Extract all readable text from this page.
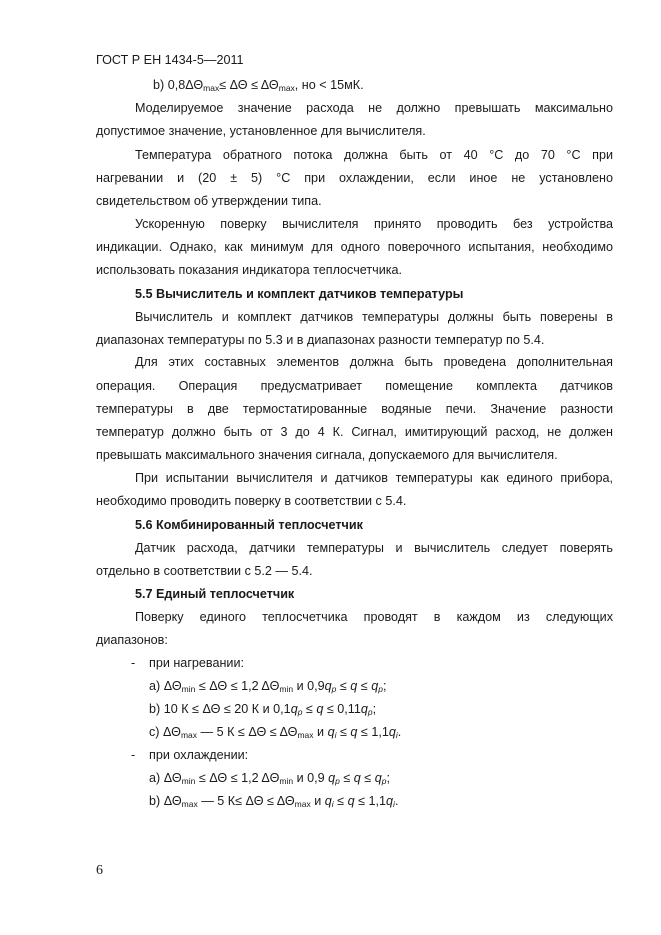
ГОСТ Р ЕН 1434-5—2011
b) $0,8\Delta\Theta_{max}\le \Delta\Theta \le \Delta\Theta_{max}$, но < 15мК.
Моделируемое значение расхода не должно превышать максимально
допустимое значение, установленное для вычислителя.
Температура обратного потока должна быть от 40 °С до 70 °С при
нагревании и (20 ± 5) °С при охлаждении, если иное не установлено
свидетельством об утверждении типа.
Ускоренную поверку вычислителя принято проводить без устройства
индикации. Однако, как минимум для одного поверочного испытания, необходимо
использовать показания индикатора теплосчетчика.
5.5 Вычислитель и комплект датчиков температуры
Вычислитель и комплект датчиков температуры должны быть поверены в
диапазонах температуры по 5.3 и в диапазонах разности температур по 5.4.
Для этих составных элементов должна быть проведена дополнительная
операция. Операция предусматривает помещение комплекта датчиков
температуры в две термостатированные водяные печи. Значение разности
температур должно быть от 3 до 4 К. Сигнал, имитирующий расход, не должен
превышать максимального значения сигнала, допускаемого для вычислителя.
При испытании вычислителя и датчиков температуры как единого прибора,
необходимо проводить поверку в соответствии с 5.4.
5.6 Комбинированный теплосчетчик
Датчик расхода, датчики температуры и вычислитель следует поверять
отдельно в соответствии с 5.2 — 5.4.
5.7 Единый теплосчетчик
Поверку единого теплосчетчика проводят в каждом из следующих
диапазонов:
- при нагревании:
a) $\Delta\Theta_{min} \le \Delta\Theta \le 1,2$ $\Delta\Theta_{min}$ и $0,9q_p \le q \le q_p$;
b) 10 К ≤ ΔΘ ≤ 20 К и $0,1q_p \le q \le 0,11q_p$;
c) $\Delta\Theta_{max}$ — 5 $К \le \Delta\Theta \le \Delta\Theta_{max}$ и $q_i \le q \le 1,1q_i$.
- при охлаждении:
a) $\Delta\Theta_{min} \le \Delta\Theta \le 1,2$ $\Delta\Theta_{min}$ и 0,9 $q_p \le q \le q_p$;
b) $\Delta\Theta_{max}$ — 5 $К\le \Delta\Theta \le \Delta\Theta_{max}$ и $q_i \le q \le 1,1q_i$.
6
